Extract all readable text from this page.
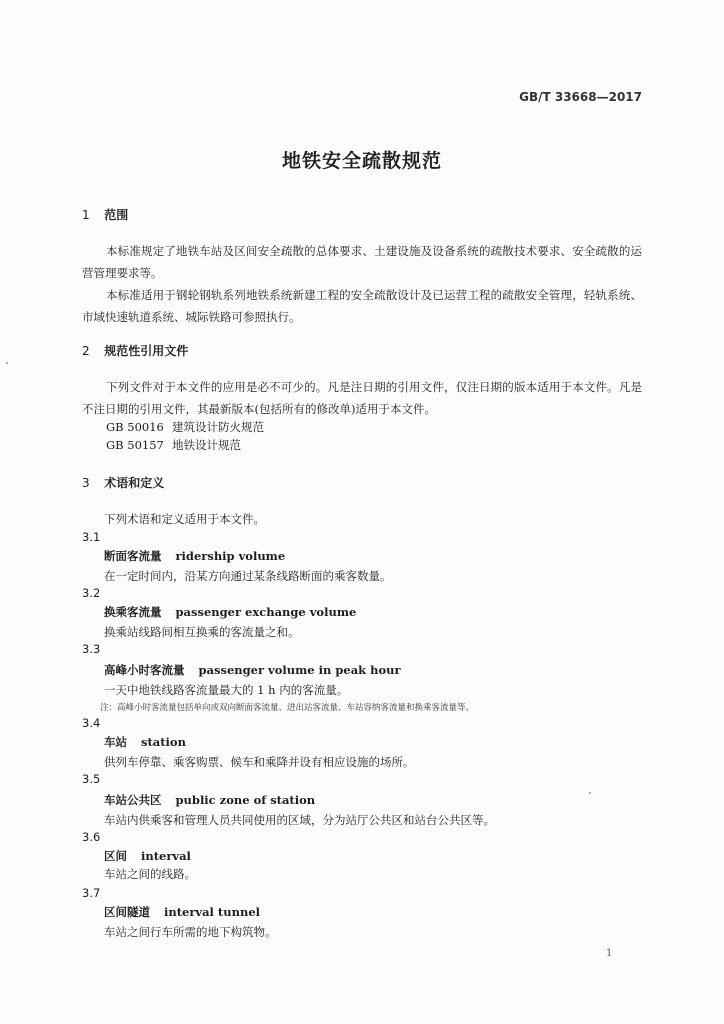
GB/T 33668—2017
地铁安全疏散规范
1 范围
本标准规定了地铁车站及区间安全疏散的总体要求、土建设施及设备系统的疏散技术要求、安全疏散的运营管理要求等。
本标准适用于钢轮钢轨系列地铁系统新建工程的安全疏散设计及已运营工程的疏散安全管理，轻轨系统、市域快速轨道系统、城际铁路可参照执行。
2 规范性引用文件
下列文件对于本文件的应用是必不可少的。凡是注日期的引用文件，仅注日期的版本适用于本文件。凡是不注日期的引用文件，其最新版本(包括所有的修改单)适用于本文件。
GB 50016 建筑设计防火规范
GB 50157 地铁设计规范
3 术语和定义
下列术语和定义适用于本文件。
3.1
断面客流量 ridership volume
在一定时间内，沿某方向通过某条线路断面的乘客数量。
3.2
换乘客流量 passenger exchange volume
换乘站线路间相互换乘的客流量之和。
3.3
高峰小时客流量 passenger volume in peak hour
一天中地铁线路客流量最大的 1 h 内的客流量。
注：高峰小时客流量包括单向或双向断面客流量、进出站客流量、车站容纳客流量和换乘客流量等。
3.4
车站 station
供列车停靠、乘客购票、候车和乘降并设有相应设施的场所。
3.5
车站公共区 public zone of station
车站内供乘客和管理人员共同使用的区域，分为站厅公共区和站台公共区等。
3.6
区间 interval
车站之间的线路。
3.7
区间隧道 interval tunnel
车站之间行车所需的地下构筑物。
1
